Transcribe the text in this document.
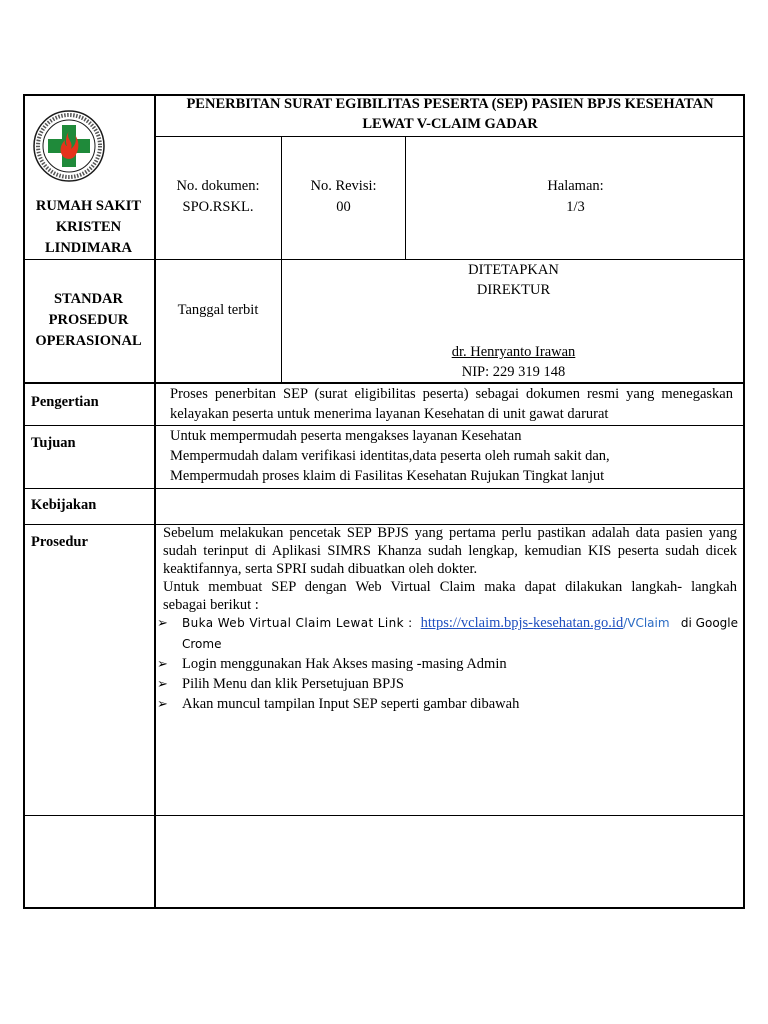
RUMAH SAKIT
KRISTEN
LINDIMARA
PENERBITAN SURAT EGIBILITAS PESERTA (SEP) PASIEN BPJS KESEHATAN
LEWAT V-CLAIM GADAR
No. dokumen:
SPO.RSKL.
No. Revisi:
00
Halaman:
1/3
STANDAR
PROSEDUR
OPERASIONAL
Tanggal terbit
DITETAPKAN
DIREKTUR
dr. Henryanto Irawan
NIP: 229 319 148
Pengertian	Proses penerbitan SEP (surat eligibilitas peserta) sebagai dokumen resmi yang menegaskan
kelayakan peserta untuk menerima layanan Kesehatan di unit gawat darurat
Tujuan	Untuk mempermudah peserta mengakses layanan Kesehatan
Mempermudah dalam verifikasi identitas,data peserta oleh rumah sakit dan,
Mempermudah proses klaim di Fasilitas Kesehatan Rujukan Tingkat lanjut
Kebijakan
Prosedur
Sebelum melakukan pencetak SEP BPJS yang pertama perlu pastikan adalah data pasien yang
sudah terinput di Aplikasi SIMRS Khanza sudah lengkap, kemudian KIS peserta sudah dicek
keaktifannya, serta SPRI sudah dibuatkan oleh dokter.
Untuk membuat SEP dengan Web Virtual Claim maka dapat dilakukan langkah- langkah
sebagai berikut :
➢ Buka Web Virtual Claim Lewat Link : https://vclaim.bpjs-kesehatan.go.id /VClaim di Google
Crome
➢ Login menggunakan Hak Akses masing -masing Admin
➢ Pilih Menu dan klik Persetujuan BPJS
➢ Akan muncul tampilan Input SEP seperti gambar dibawah
